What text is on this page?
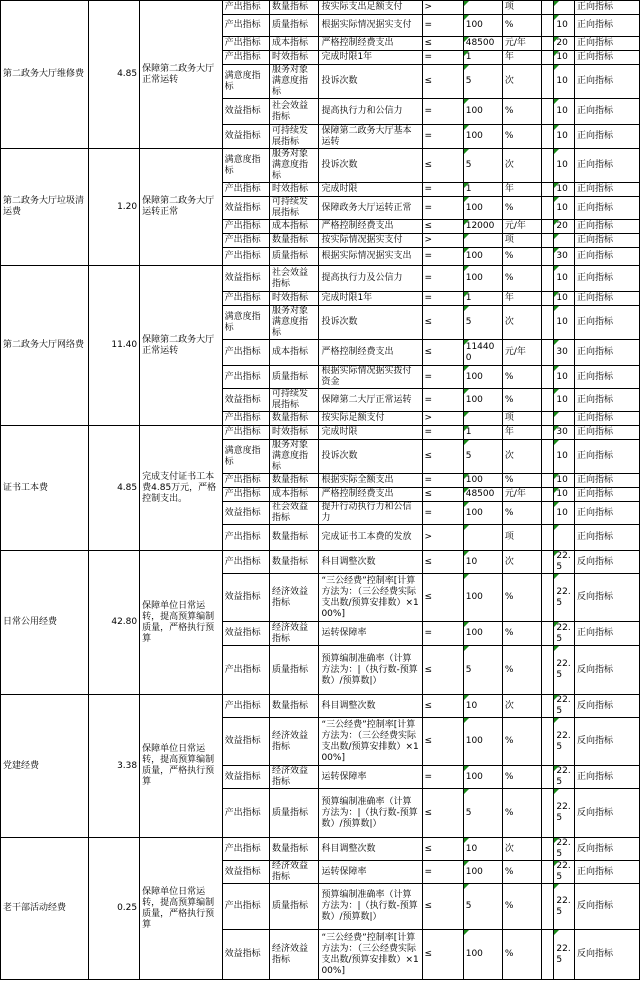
第二政务大厅维修费	4.85	保障第二政务大厅正常运转	产出指标	数量指标	按实际支出足额支付	>		项			正向指标
			产出指标	质量指标	根据实际情况据实支付	=	100	%		10	正向指标
			产出指标	成本指标	严格控制经费支出	≤	48500	元/年		20	正向指标
			产出指标	时效指标	完成时限1年	=	1	年		10	正向指标
			满意度指标	服务对象满意度指标	投诉次数	≤	5	次		10	正向指标
			效益指标	社会效益指标	提高执行力和公信力	=	100	%		10	正向指标
			效益指标	可持续发展指标	保障第二政务大厅基本运转	=	100	%		10	正向指标
第二政务大厅垃圾清运费	1.20	保障第二政务大厅运转正常	满意度指标	服务对象满意度指标	投诉次数	≤	5	次		10	正向指标
			产出指标	时效指标	完成时限	=	1	年		10	正向指标
			效益指标	可持续发展指标	保障政务大厅运转正常	=	100	%		10	正向指标
			产出指标	成本指标	严格控制经费支出	≤	12000	元/年		20	正向指标
			产出指标	数量指标	按实际情况据实支付	>		项			正向指标
			产出指标	质量指标	根据实际情况据实支出	=	100	%		30	正向指标
第二政务大厅网络费	11.40	保障第二政务大厅正常运转	效益指标	社会效益指标	提高执行力及公信力	=	100	%		10	正向指标
			产出指标	时效指标	完成时限1年	=	1	年		10	正向指标
			满意度指标	服务对象满意度指标	投诉次数	≤	5	次		10	正向指标
			产出指标	成本指标	严格控制经费支出	≤	114400	元/年		30	正向指标
			产出指标	质量指标	根据实际情况据实拨付资金	=	100	%		10	正向指标
			效益指标	可持续发展指标	保障第二大厅正常运转	=	100	%		10	正向指标
			产出指标	数量指标	按实际足额支付	>		项			正向指标
证书工本费	4.85	完成支付证书工本费4.85万元，严格控制支出。	产出指标	时效指标	完成时限	=	1	年		30	正向指标
			满意度指标	服务对象满意度指标	投诉次数	≤	5	次		10	正向指标
			产出指标	数量指标	根据实际全额支出	=	100	%		10	正向指标
			产出指标	成本指标	严格控制经费支出	≤	48500	元/年		10	正向指标
			效益指标	社会效益指标	提升行动执行力和公信力	=	100	%		10	正向指标
			产出指标	数量指标	完成证书工本费的发放	>		项			正向指标
日常公用经费	42.80	保障单位日常运转，提高预算编制质量，严格执行预算	产出指标	数量指标	科目调整次数	≤	10	次		22.5	反向指标
			效益指标	经济效益指标	“三公经费”控制率[计算方法为：（三公经费实际支出数/预算安排数）×100%]	≤	100	%		22.5	反向指标
			效益指标	经济效益指标	运转保障率	=	100	%		22.5	正向指标
			产出指标	质量指标	预算编制准确率（计算方法为：|（执行数-预算数）/预算数|）	≤	5	%		22.5	反向指标
党建经费	3.38	保障单位日常运转，提高预算编制质量，严格执行预算	产出指标	数量指标	科目调整次数	≤	10	次		22.5	反向指标
			效益指标	经济效益指标	“三公经费”控制率[计算方法为：（三公经费实际支出数/预算安排数）×100%]	≤	100	%		22.5	反向指标
			效益指标	经济效益指标	运转保障率	=	100	%		22.5	正向指标
			产出指标	质量指标	预算编制准确率（计算方法为：|（执行数-预算数）/预算数|）	≤	5	%		22.5	反向指标
老干部活动经费	0.25	保障单位日常运转，提高预算编制质量，严格执行预算	产出指标	数量指标	科目调整次数	≤	10	次		22.5	反向指标
			效益指标	经济效益指标	运转保障率	=	100	%		22.5	正向指标
			产出指标	质量指标	预算编制准确率（计算方法为：|（执行数-预算数）/预算数|）	≤	5	%		22.5	反向指标
			效益指标	经济效益指标	“三公经费”控制率[计算方法为：（三公经费实际支出数/预算安排数）×100%]	≤	100	%		22.5	反向指标
